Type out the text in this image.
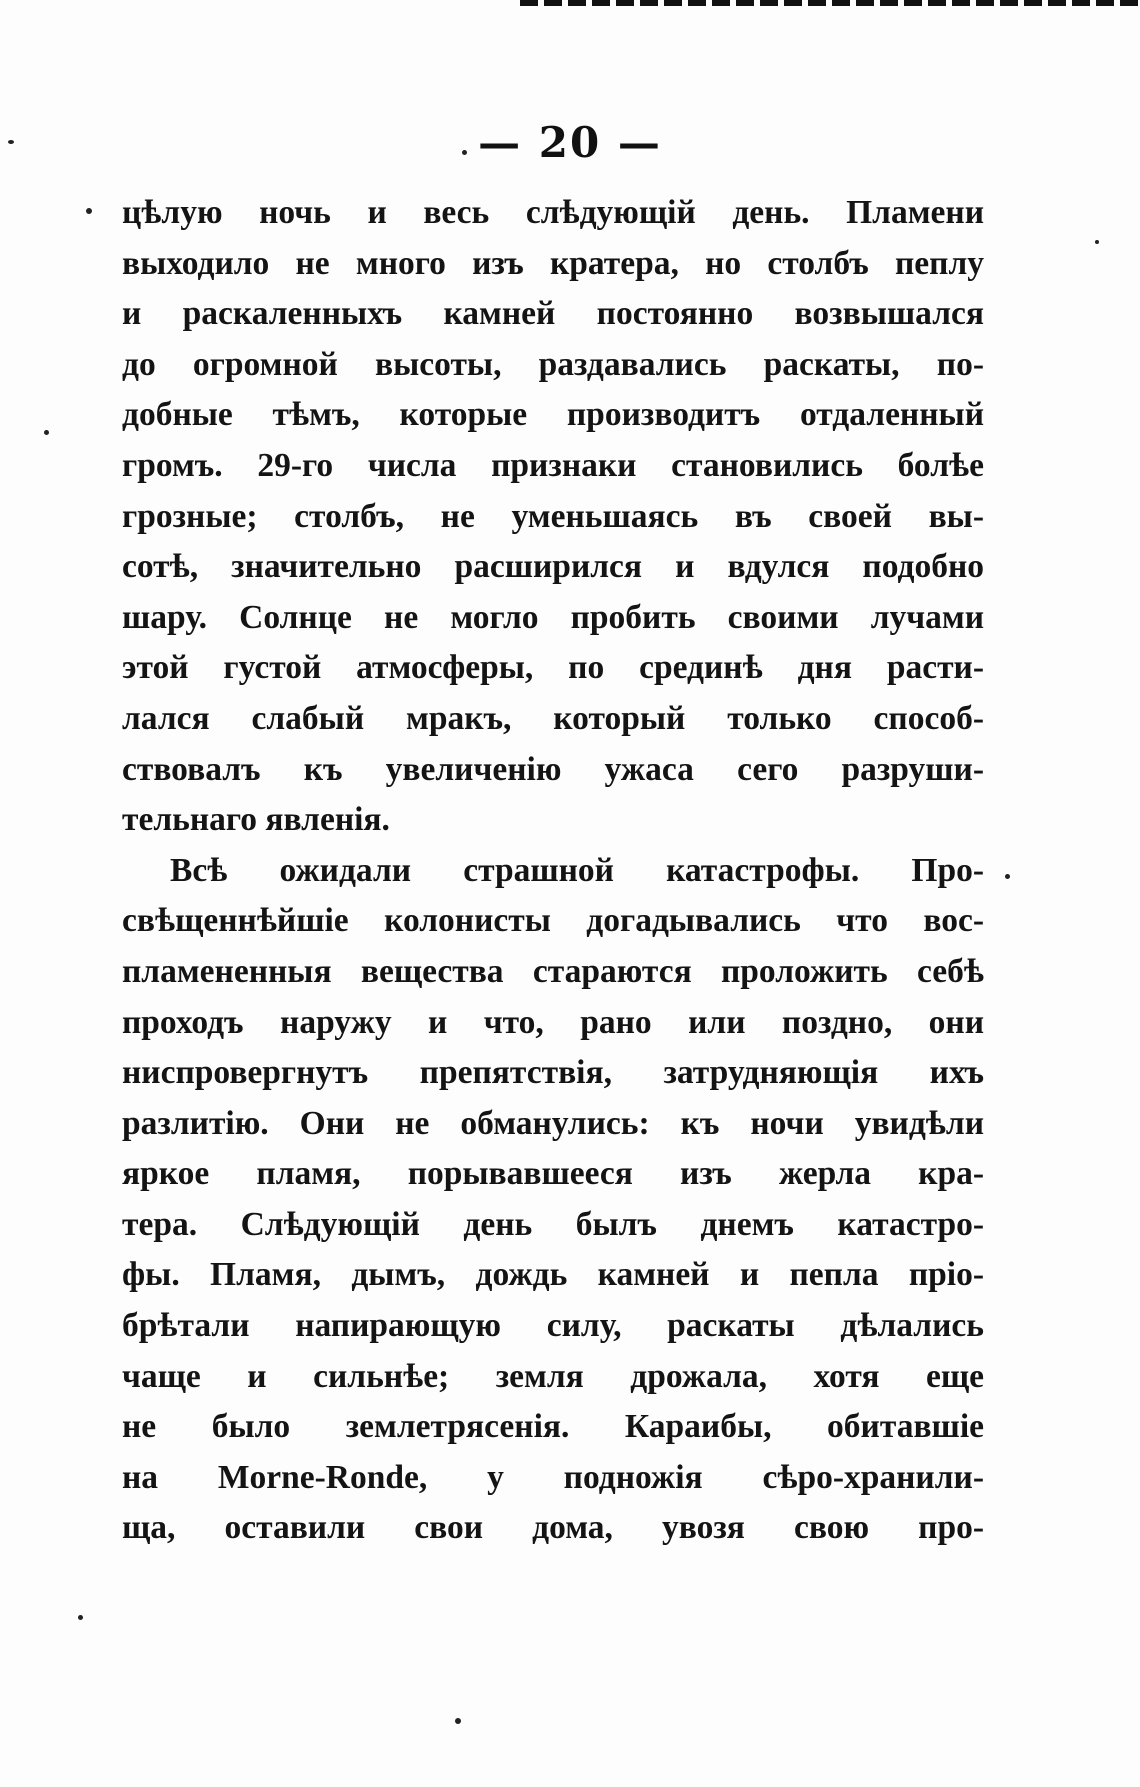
— 20 —
цѣлую ночь и весь слѣдующій день. Пламени
выходило не много изъ кратера, но столбъ пеплу
и раскаленныхъ камней постоянно возвышался
до огромной высоты, раздавались раскаты, по-
добные тѣмъ, которые производитъ отдаленный
громъ. 29-го числа признаки становились болѣе
грозные; столбъ, не уменьшаясь въ своей вы-
сотѣ, значительно расширился и вдулся подобно
шару. Солнце не могло пробить своими лучами
этой густой атмосферы, по срединѣ дня расти-
лался слабый мракъ, который только способ-
ствовалъ къ увеличенію ужаса сего разруши-
тельнаго явленія.
Всѣ ожидали страшной катастрофы. Про-
свѣщеннѣйшіе колонисты догадывались что вос-
пламененныя вещества стараются проложить себѣ
проходъ наружу и что, рано или поздно, они
ниспровергнутъ препятствія, затрудняющія ихъ
разлитію. Они не обманулись: къ ночи увидѣли
яркое пламя, порывавшееся изъ жерла кра-
тера. Слѣдующій день былъ днемъ катастро-
фы. Пламя, дымъ, дождь камней и пепла пріо-
брѣтали напирающую силу, раскаты дѣлались
чаще и сильнѣе; земля дрожала, хотя еще
не было землетрясенія. Караибы, обитавшіе
на Morne-Ronde, у подножія сѣро-хранили-
ща, оставили свои дома, увозя свою про-
